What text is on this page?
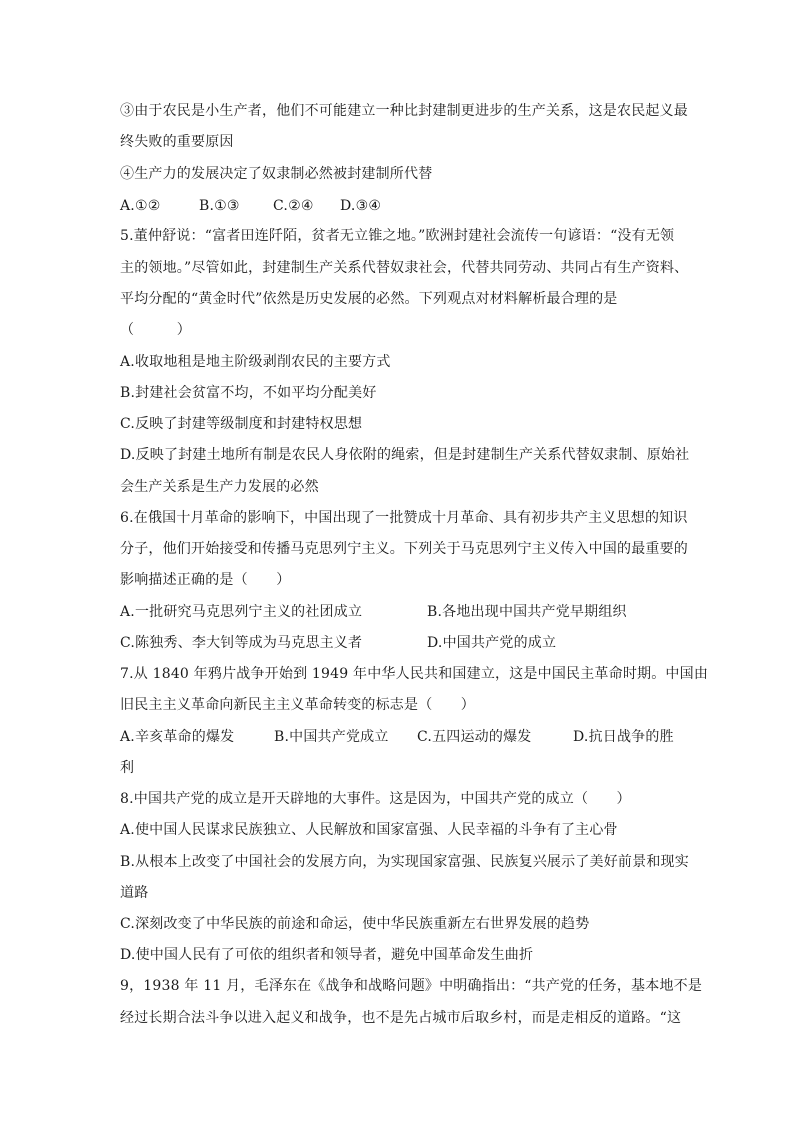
③由于农民是小生产者，他们不可能建立一种比封建制更进步的生产关系，这是农民起义最
终失败的重要原因
④生产力的发展决定了奴隶制必然被封建制所代替
A.①②	B.①③	C.②④	D.③④
5.董仲舒说：“富者田连阡陌，贫者无立锥之地。”欧洲封建社会流传一句谚语：“没有无领
主的领地。”尽管如此，封建制生产关系代替奴隶社会，代替共同劳动、共同占有生产资料、
平均分配的“黄金时代”依然是历史发展的必然。下列观点对材料解析最合理的是
（　　　）
A.收取地租是地主阶级剥削农民的主要方式
B.封建社会贫富不均，不如平均分配美好
C.反映了封建等级制度和封建特权思想
D.反映了封建土地所有制是农民人身依附的绳索，但是封建制生产关系代替奴隶制、原始社
会生产关系是生产力发展的必然
6.在俄国十月革命的影响下，中国出现了一批赞成十月革命、具有初步共产主义思想的知识
分子，他们开始接受和传播马克思列宁主义。下列关于马克思列宁主义传入中国的最重要的
影响描述正确的是（　　）
A.一批研究马克思列宁主义的社团成立	B.各地出现中国共产党早期组织
C.陈独秀、李大钊等成为马克思主义者	D.中国共产党的成立
7.从 1840 年鸦片战争开始到 1949 年中华人民共和国建立，这是中国民主革命时期。中国由
旧民主主义革命向新民主主义革命转变的标志是（　　）
A.辛亥革命的爆发	B.中国共产党成立	C.五四运动的爆发	D.抗日战争的胜
利
8.中国共产党的成立是开天辟地的大事件。这是因为，中国共产党的成立（　　）
A.使中国人民谋求民族独立、人民解放和国家富强、人民幸福的斗争有了主心骨
B.从根本上改变了中国社会的发展方向，为实现国家富强、民族复兴展示了美好前景和现实
道路
C.深刻改变了中华民族的前途和命运，使中华民族重新左右世界发展的趋势
D.使中国人民有了可依的组织者和领导者，避免中国革命发生曲折
9，1938 年 11 月，毛泽东在《战争和战略问题》中明确指出：“共产党的任务，基本地不是
经过长期合法斗争以进入起义和战争，也不是先占城市后取乡村，而是走相反的道路。“这
